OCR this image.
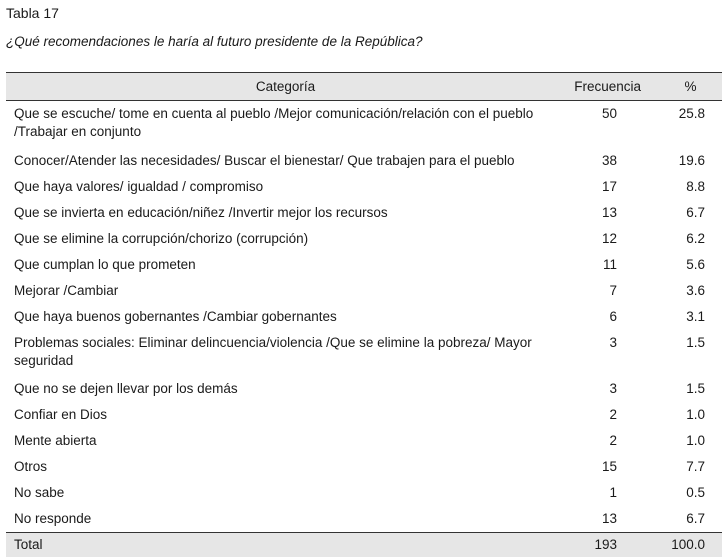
Tabla 17
¿Qué recomendaciones le haría al futuro presidente de la República?
Categoría	Frecuencia	%
Que se escuche/ tome en cuenta al pueblo /Mejor comunicación/relación con el pueblo /Trabajar en conjunto	50	25.8
Conocer/Atender las necesidades/ Buscar el bienestar/ Que trabajen para el pueblo	38	19.6
Que haya valores/ igualdad / compromiso	17	8.8
Que se invierta en educación/niñez /Invertir mejor los recursos	13	6.7
Que se elimine la corrupción/chorizo (corrupción)	12	6.2
Que cumplan lo que prometen	11	5.6
Mejorar /Cambiar	7	3.6
Que haya buenos gobernantes /Cambiar gobernantes	6	3.1
Problemas sociales: Eliminar delincuencia/violencia /Que se elimine la pobreza/ Mayor seguridad	3	1.5
Que no se dejen llevar por los demás	3	1.5
Confiar en Dios	2	1.0
Mente abierta	2	1.0
Otros	15	7.7
No sabe	1	0.5
No responde	13	6.7
Total	193	100.0
